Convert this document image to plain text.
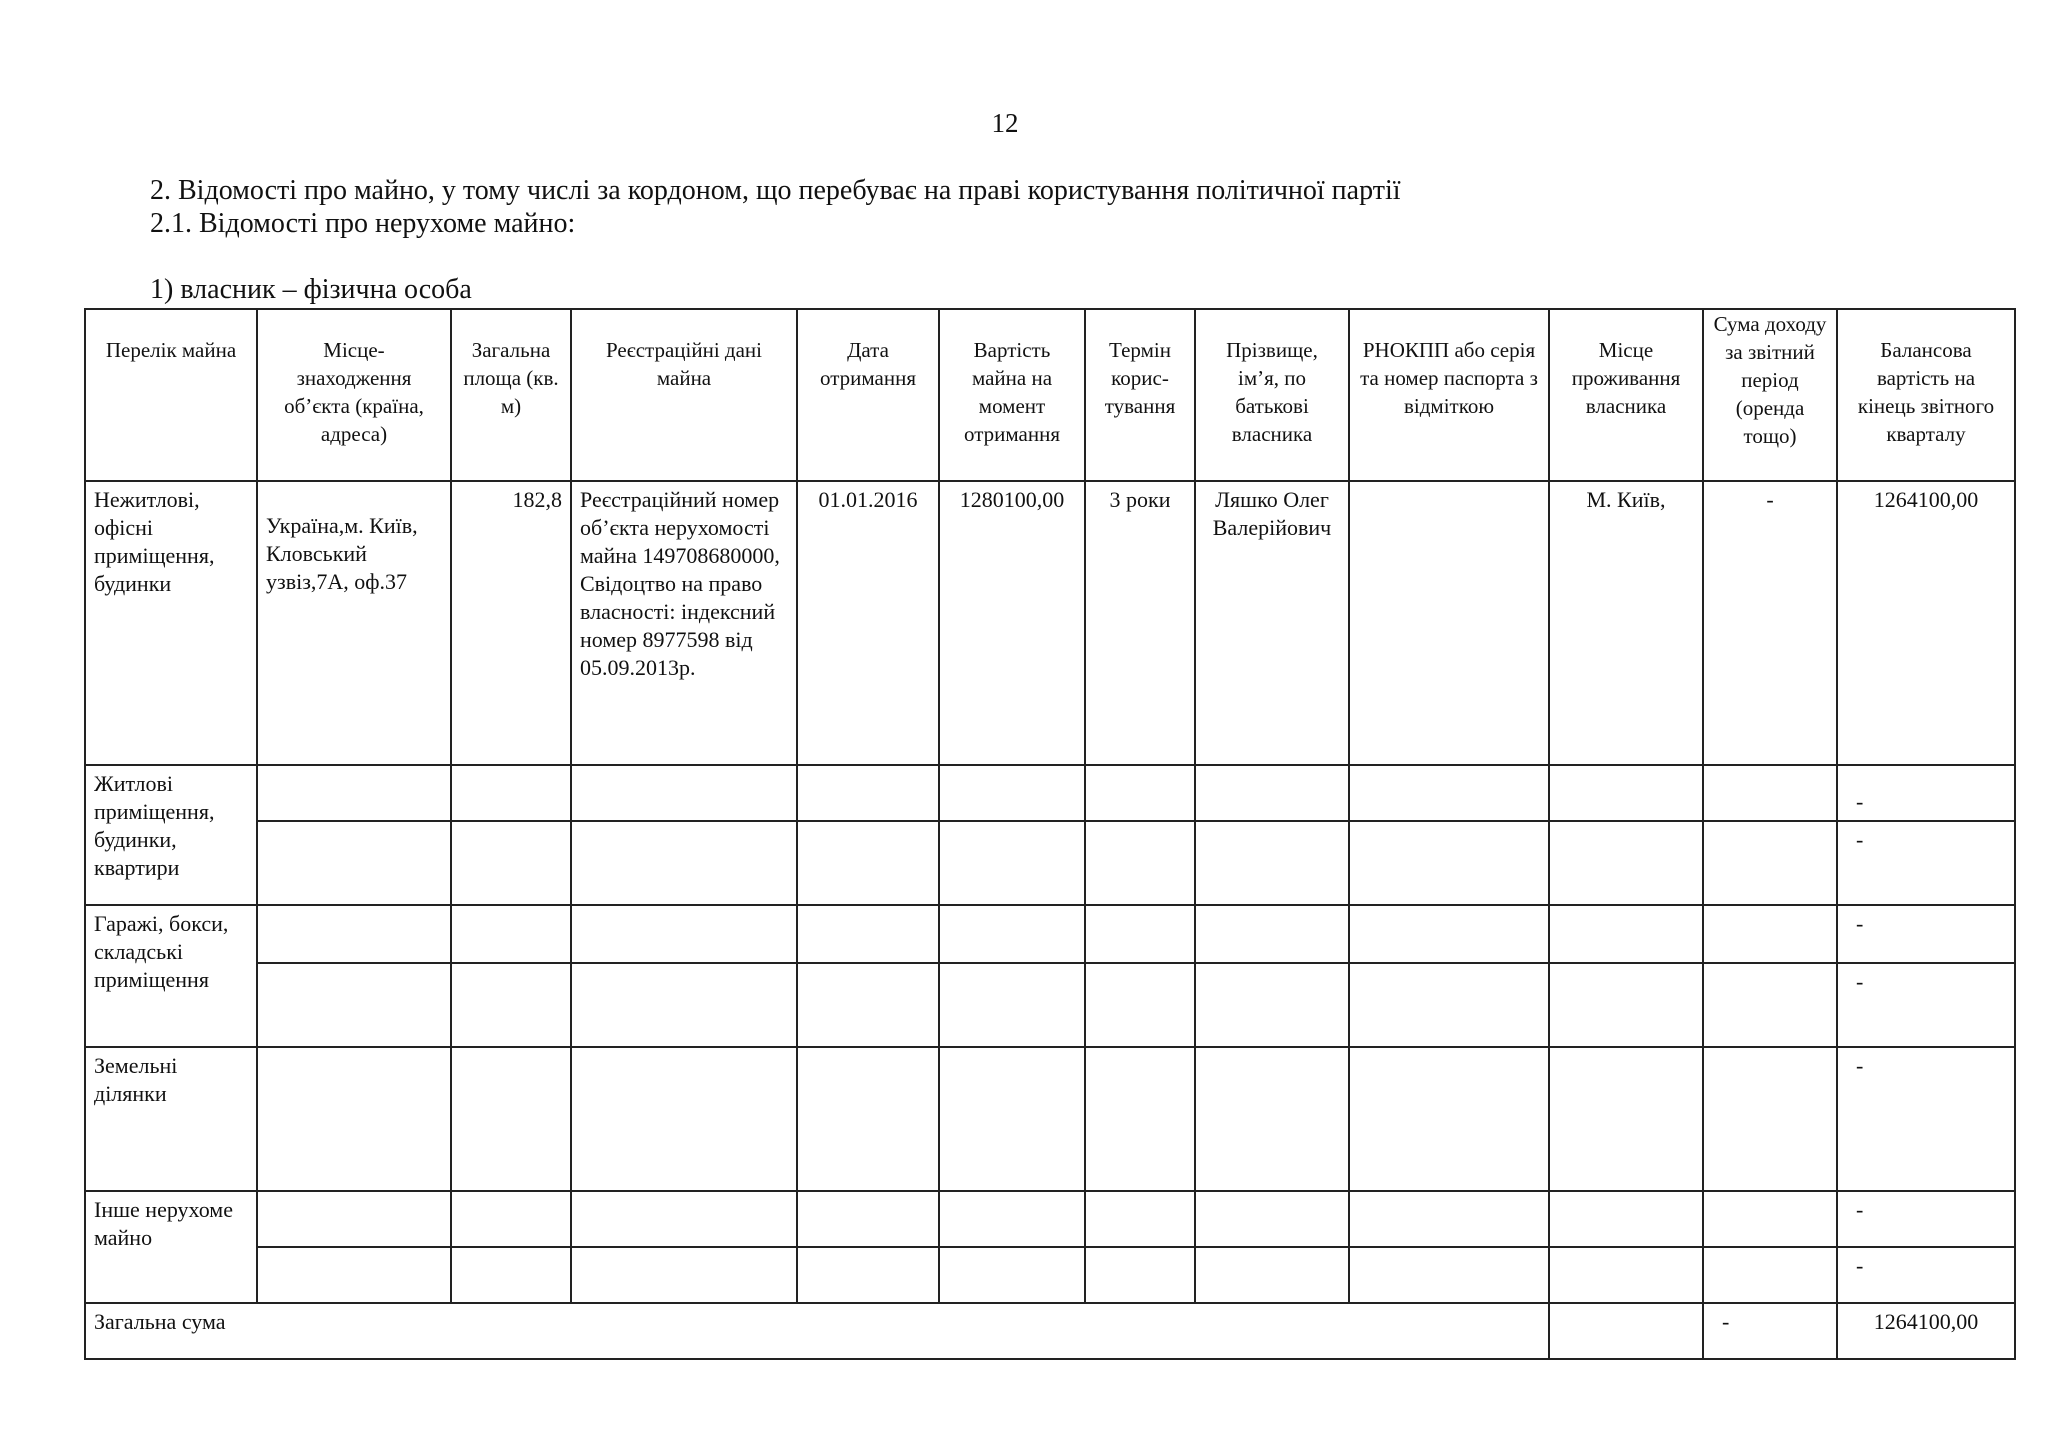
12
2. Відомості про майно, у тому числі за кордоном, що перебуває на праві користування політичної партії
2.1. Відомості про нерухоме майно:
1) власник – фізична особа
Перелік майна	Місце-знаходження об’єкта (країна, адреса)	Загальна площа (кв. м)	Реєстраційні дані майна	Дата отримання	Вартість майна на момент отримання	Термін корис-тування	Прізвище, ім’я, по батькові власника	РНОКПП або серія та номер паспорта з відміткою	Місце проживання власника	Сума доходу за звітний період (оренда тощо)	Балансова вартість на кінець звітного кварталу
Нежитлові, офісні приміщення, будинки	Україна,м. Київ, Кловський узвіз,7А, оф.37	182,8	Реєстраційний номер об’єкта нерухомості майна 149708680000, Свідоцтво на право власності: індексний номер 8977598 від 05.09.2013р.	01.01.2016	1280100,00	3 роки	Ляшко Олег Валерійович		М. Київ,	-	1264100,00
Житлові приміщення, будинки, квартири											-
											-
Гаражі, бокси, складські приміщення											-
											-
Земельні ділянки											-
Інше нерухоме майно											-
											-
Загальна сума										-	1264100,00
